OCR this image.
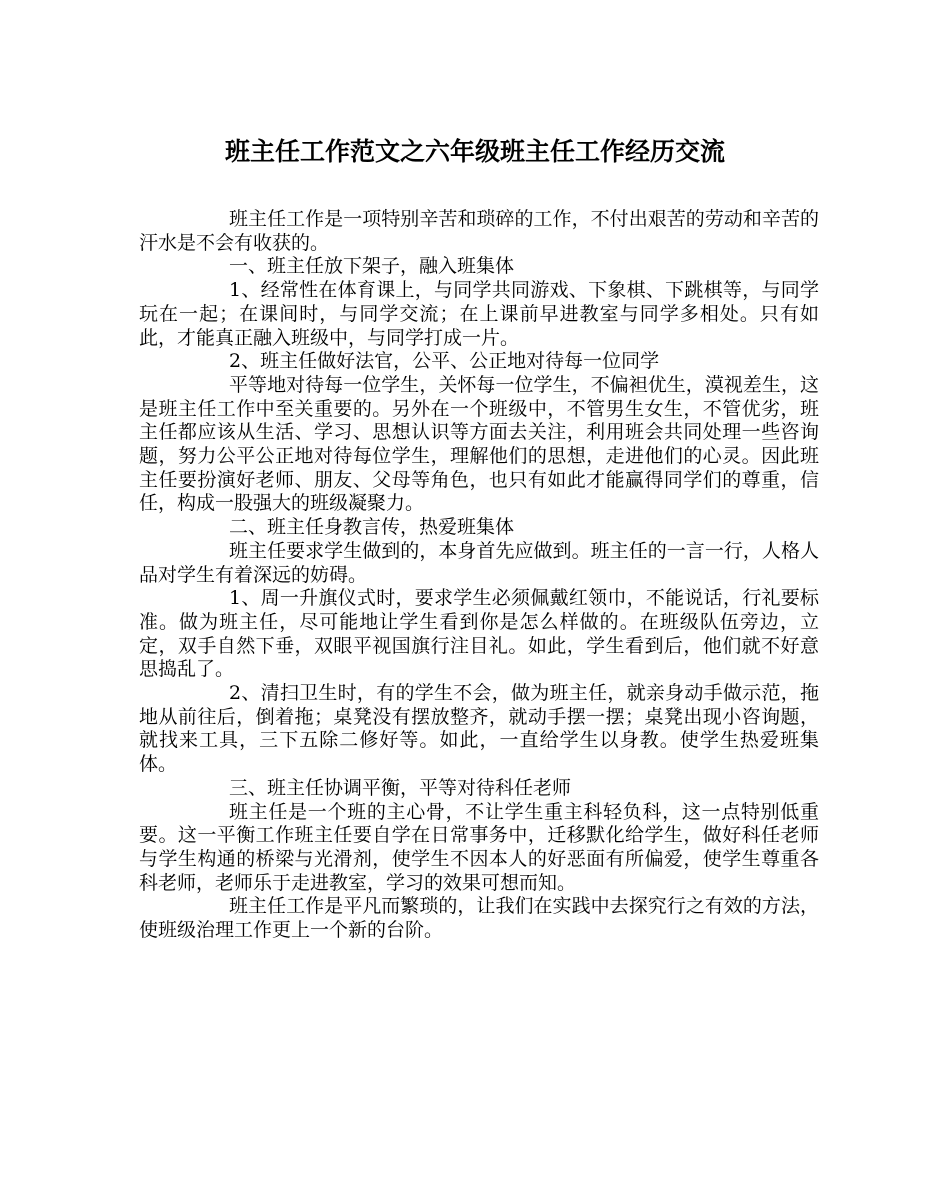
班主任工作范文之六年级班主任工作经历交流

班主任工作是一项特别辛苦和琐碎的工作，不付出艰苦的劳动和辛苦的汗水是不会有收获的。

一、班主任放下架子，融入班集体

1、经常性在体育课上，与同学共同游戏、下象棋、下跳棋等，与同学玩在一起；在课间时，与同学交流；在上课前早进教室与同学多相处。只有如此，才能真正融入班级中，与同学打成一片。

2、班主任做好法官，公平、公正地对待每一位同学

平等地对待每一位学生，关怀每一位学生，不偏袒优生，漠视差生，这是班主任工作中至关重要的。另外在一个班级中，不管男生女生，不管优劣，班主任都应该从生活、学习、思想认识等方面去关注，利用班会共同处理一些咨询题，努力公平公正地对待每位学生，理解他们的思想，走进他们的心灵。因此班主任要扮演好老师、朋友、父母等角色，也只有如此才能赢得同学们的尊重，信任，构成一股强大的班级凝聚力。

二、班主任身教言传，热爱班集体

班主任要求学生做到的，本身首先应做到。班主任的一言一行，人格人品对学生有着深远的妨碍。

1、周一升旗仪式时，要求学生必须佩戴红领巾，不能说话，行礼要标准。做为班主任，尽可能地让学生看到你是怎么样做的。在班级队伍旁边，立定，双手自然下垂，双眼平视国旗行注目礼。如此，学生看到后，他们就不好意思捣乱了。

2、清扫卫生时，有的学生不会，做为班主任，就亲身动手做示范，拖地从前往后，倒着拖；桌凳没有摆放整齐，就动手摆一摆；桌凳出现小咨询题，就找来工具，三下五除二修好等。如此，一直给学生以身教。使学生热爱班集体。

三、班主任协调平衡，平等对待科任老师

班主任是一个班的主心骨，不让学生重主科轻负科，这一点特别低重要。这一平衡工作班主任要自学在日常事务中，迁移默化给学生，做好科任老师与学生构通的桥梁与光滑剂，使学生不因本人的好恶面有所偏爱，使学生尊重各科老师，老师乐于走进教室，学习的效果可想而知。

班主任工作是平凡而繁琐的，让我们在实践中去探究行之有效的方法，使班级治理工作更上一个新的台阶。
